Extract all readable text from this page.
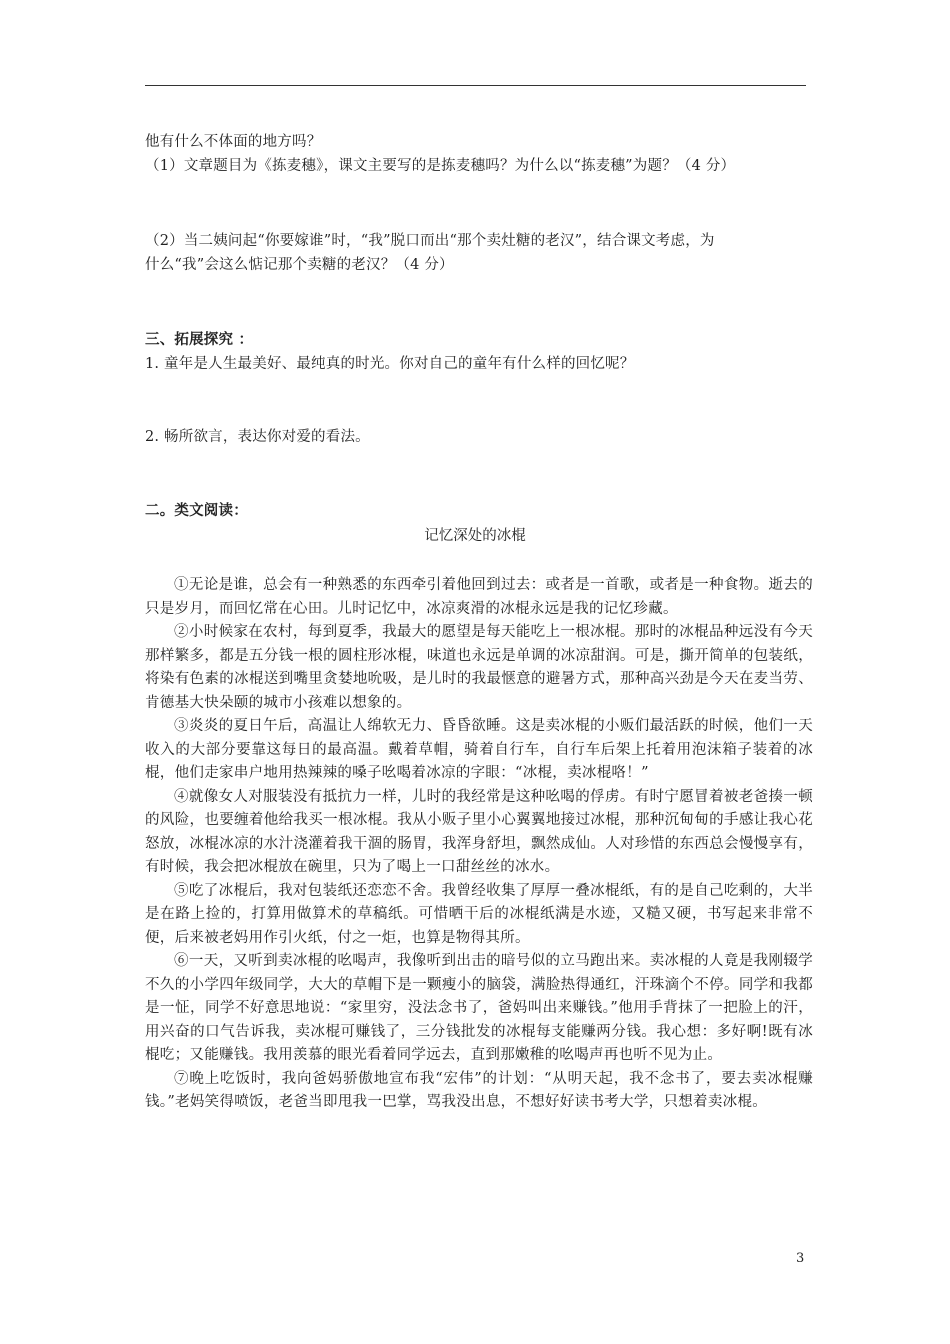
他有什么不体面的地方吗？
（1）文章题目为《拣麦穗》，课文主要写的是拣麦穗吗？为什么以“拣麦穗”为题？（4 分）
（2）当二姨问起“你要嫁谁”时，“我”脱口而出“那个卖灶糖的老汉”，结合课文考虑，为
什么“我”会这么惦记那个卖糖的老汉？（4 分）
三、拓展探究 ：
1. 童年是人生最美好、最纯真的时光。你对自己的童年有什么样的回忆呢？
2. 畅所欲言，表达你对爱的看法。
二。类文阅读：
记忆深处的冰棍

①无论是谁，总会有一种熟悉的东西牵引着他回到过去：或者是一首歌，或者是一种食物。逝去的只是岁月，而回忆常在心田。儿时记忆中，冰凉爽滑的冰棍永远是我的记忆珍藏。

②小时候家在农村，每到夏季，我最大的愿望是每天能吃上一根冰棍。那时的冰棍品种远没有今天那样繁多，都是五分钱一根的圆柱形冰棍，味道也永远是单调的冰凉甜润。可是，撕开简单的包装纸，将染有色素的冰棍送到嘴里贪婪地吮吸，是儿时的我最惬意的避暑方式，那种高兴劲是今天在麦当劳、肯德基大快朵颐的城市小孩难以想象的。

③炎炎的夏日午后，高温让人绵软无力、昏昏欲睡。这是卖冰棍的小贩们最活跃的时候，他们一天收入的大部分要靠这每日的最高温。戴着草帽，骑着自行车，自行车后架上托着用泡沫箱子装着的冰棍，他们走家串户地用热辣辣的嗓子吆喝着冰凉的字眼：“冰棍，卖冰棍咯！”

④就像女人对服装没有抵抗力一样，儿时的我经常是这种吆喝的俘虏。有时宁愿冒着被老爸揍一顿的风险，也要缠着他给我买一根冰棍。我从小贩子里小心翼翼地接过冰棍，那种沉甸甸的手感让我心花怒放，冰棍冰凉的水汁浇灌着我干涸的肠胃，我浑身舒坦，飘然成仙。人对珍惜的东西总会慢慢享有，有时候，我会把冰棍放在碗里，只为了喝上一口甜丝丝的冰水。

⑤吃了冰棍后，我对包装纸还恋恋不舍。我曾经收集了厚厚一叠冰棍纸，有的是自己吃剩的，大半是在路上捡的，打算用做算术的草稿纸。可惜晒干后的冰棍纸满是水迹，又糙又硬，书写起来非常不便，后来被老妈用作引火纸，付之一炬，也算是物得其所。

⑥一天，又听到卖冰棍的吆喝声，我像听到出击的暗号似的立马跑出来。卖冰棍的人竟是我刚辍学不久的小学四年级同学，大大的草帽下是一颗瘦小的脑袋，满脸热得通红，汗珠滴个不停。同学和我都是一怔，同学不好意思地说：“家里穷，没法念书了，爸妈叫出来赚钱。”他用手背抹了一把脸上的汗，用兴奋的口气告诉我，卖冰棍可赚钱了，三分钱批发的冰棍每支能赚两分钱。我心想：多好啊!既有冰棍吃；又能赚钱。我用羡慕的眼光看着同学远去，直到那嫩稚的吆喝声再也听不见为止。

⑦晚上吃饭时，我向爸妈骄傲地宣布我“宏伟”的计划：“从明天起，我不念书了，要去卖冰棍赚钱。”老妈笑得喷饭，老爸当即甩我一巴掌，骂我没出息，不想好好读书考大学，只想着卖冰棍。

3
